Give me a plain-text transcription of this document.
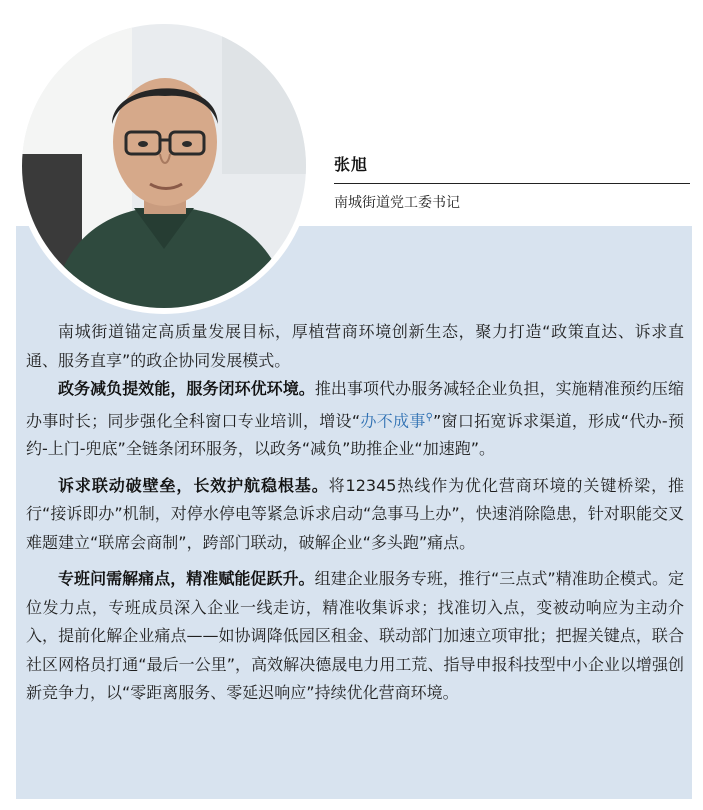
张旭
南城街道党工委书记

南城街道锚定高质量发展目标，厚植营商环境创新生态，聚力打造“政策直达、诉求直通、服务直享”的政企协同发展模式。

政务减负提效能，服务闭环优环境。推出事项代办服务减轻企业负担，实施精准预约压缩办事时长；同步强化全科窗口专业培训，增设“办不成事⚲”窗口拓宽诉求渠道，形成“代办-预约-上门-兜底”全链条闭环服务，以政务“减负”助推企业“加速跑”。

诉求联动破壁垒，长效护航稳根基。将12345热线作为优化营商环境的关键桥梁，推行“接诉即办”机制，对停水停电等紧急诉求启动“急事马上办”，快速消除隐患，针对职能交叉难题建立“联席会商制”，跨部门联动，破解企业“多头跑”痛点。

专班问需解痛点，精准赋能促跃升。组建企业服务专班，推行“三点式”精准助企模式。定位发力点，专班成员深入企业一线走访，精准收集诉求；找准切入点，变被动响应为主动介入，提前化解企业痛点——如协调降低园区租金、联动部门加速立项审批；把握关键点，联合社区网格员打通“最后一公里”，高效解决德晟电力用工荒、指导申报科技型中小企业以增强创新竞争力，以“零距离服务、零延迟响应”持续优化营商环境。
